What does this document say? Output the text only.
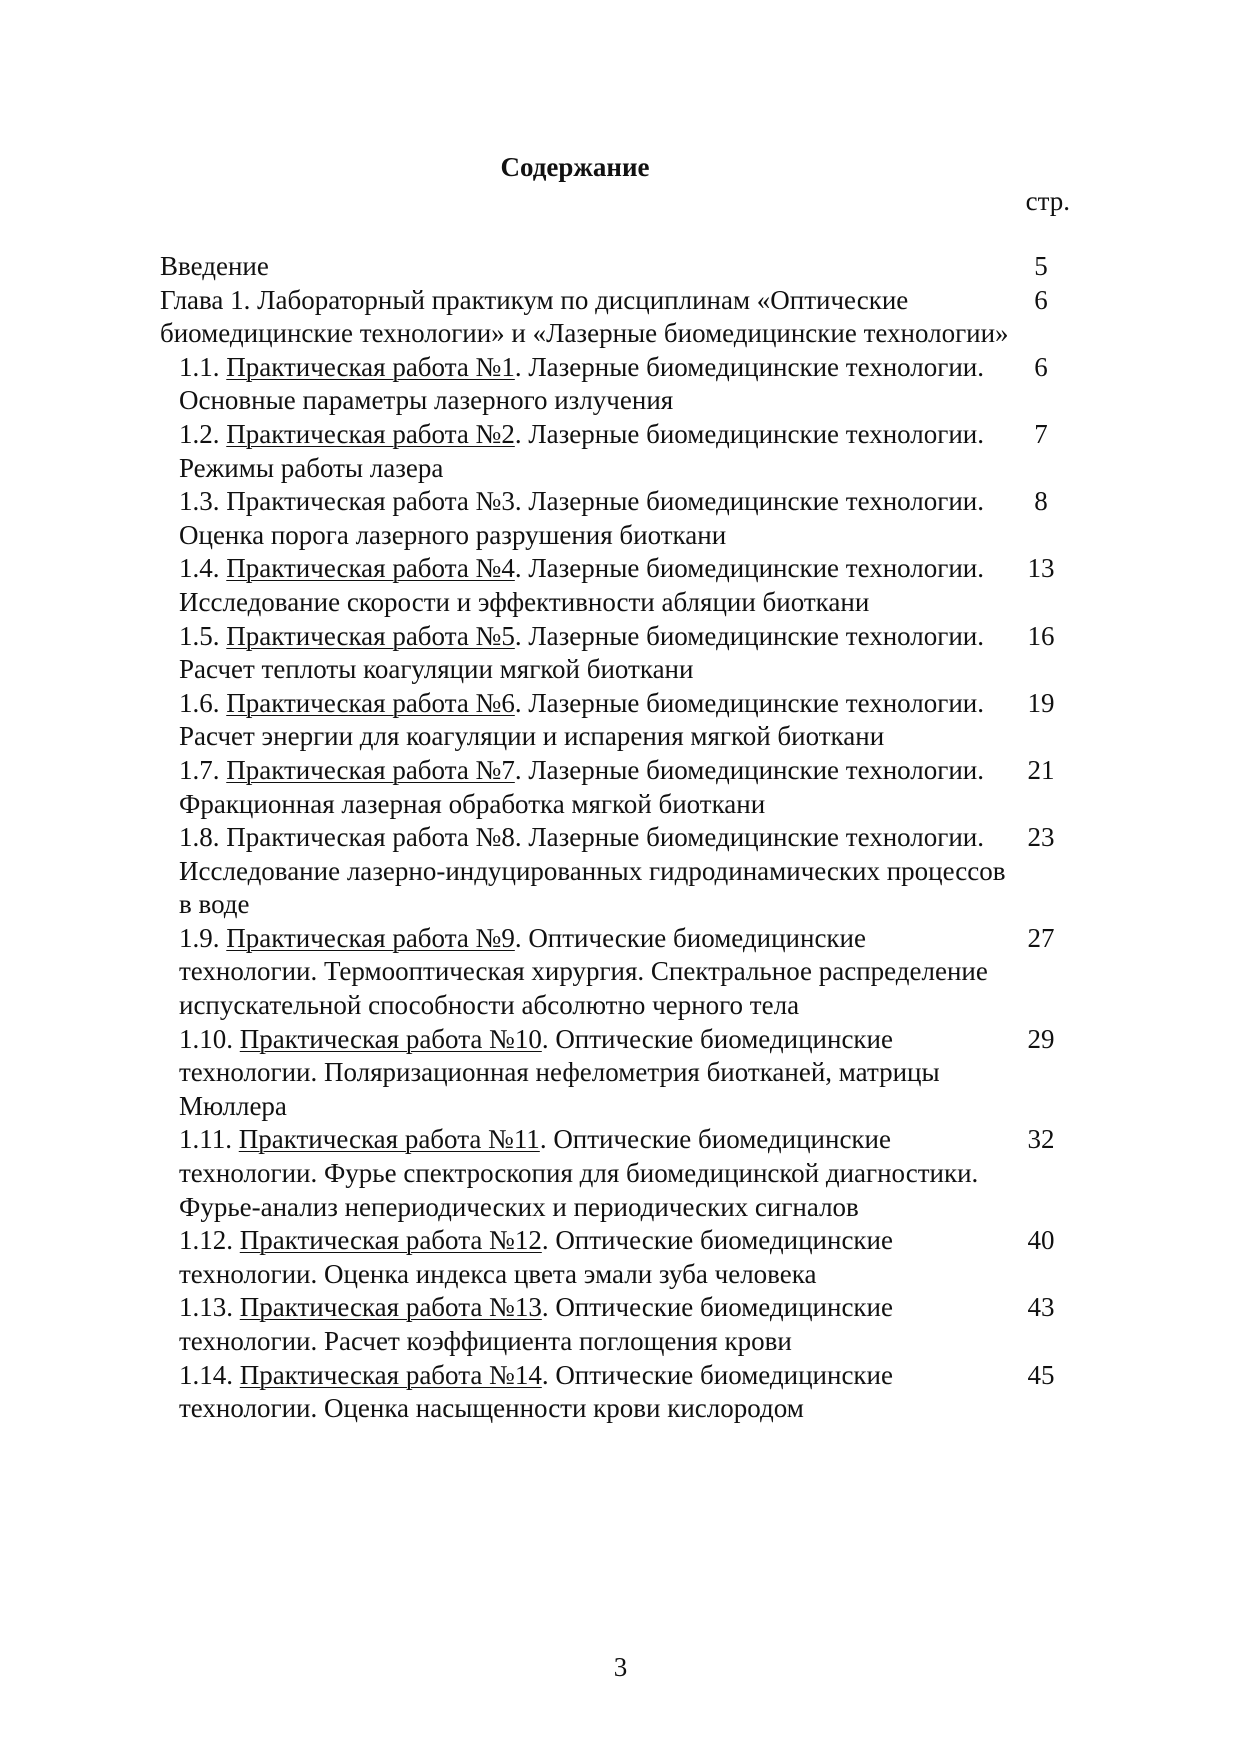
Содержание
стр.
Введение	5
Глава 1. Лабораторный практикум по дисциплинам «Оптические биомедицинские технологии» и «Лазерные биомедицинские технологии»
6
1.1. Практическая работа №1. Лазерные биомедицинские технологии. Основные параметры лазерного излучения
6
1.2. Практическая работа №2. Лазерные биомедицинские технологии. Режимы работы лазера
7
1.3. Практическая работа №3. Лазерные биомедицинские технологии. Оценка порога лазерного разрушения биоткани
8
1.4. Практическая работа №4. Лазерные биомедицинские технологии. Исследование скорости и эффективности абляции биоткани
13
1.5. Практическая работа №5. Лазерные биомедицинские технологии. Расчет теплоты коагуляции мягкой биоткани
16
1.6. Практическая работа №6. Лазерные биомедицинские технологии. Расчет энергии для коагуляции и испарения мягкой биоткани
19
1.7. Практическая работа №7. Лазерные биомедицинские технологии. Фракционная лазерная обработка мягкой биоткани
21
1.8. Практическая работа №8. Лазерные биомедицинские технологии. Исследование лазерно-индуцированных гидродинамических процессов в воде
23
1.9. Практическая работа №9. Оптические биомедицинские технологии. Термооптическая хирургия. Спектральное распределение испускательной способности абсолютно черного тела
27
1.10. Практическая работа №10. Оптические биомедицинские технологии. Поляризационная нефелометрия биотканей, матрицы Мюллера
29
1.11. Практическая работа №11. Оптические биомедицинские технологии. Фурье спектроскопия для биомедицинской диагностики. Фурье-анализ непериодических и периодических сигналов
32
1.12. Практическая работа №12. Оптические биомедицинские технологии. Оценка индекса цвета эмали зуба человека
40
1.13. Практическая работа №13. Оптические биомедицинские технологии. Расчет коэффициента поглощения крови
43
1.14. Практическая работа №14. Оптические биомедицинские технологии. Оценка насыщенности крови кислородом
45
3
